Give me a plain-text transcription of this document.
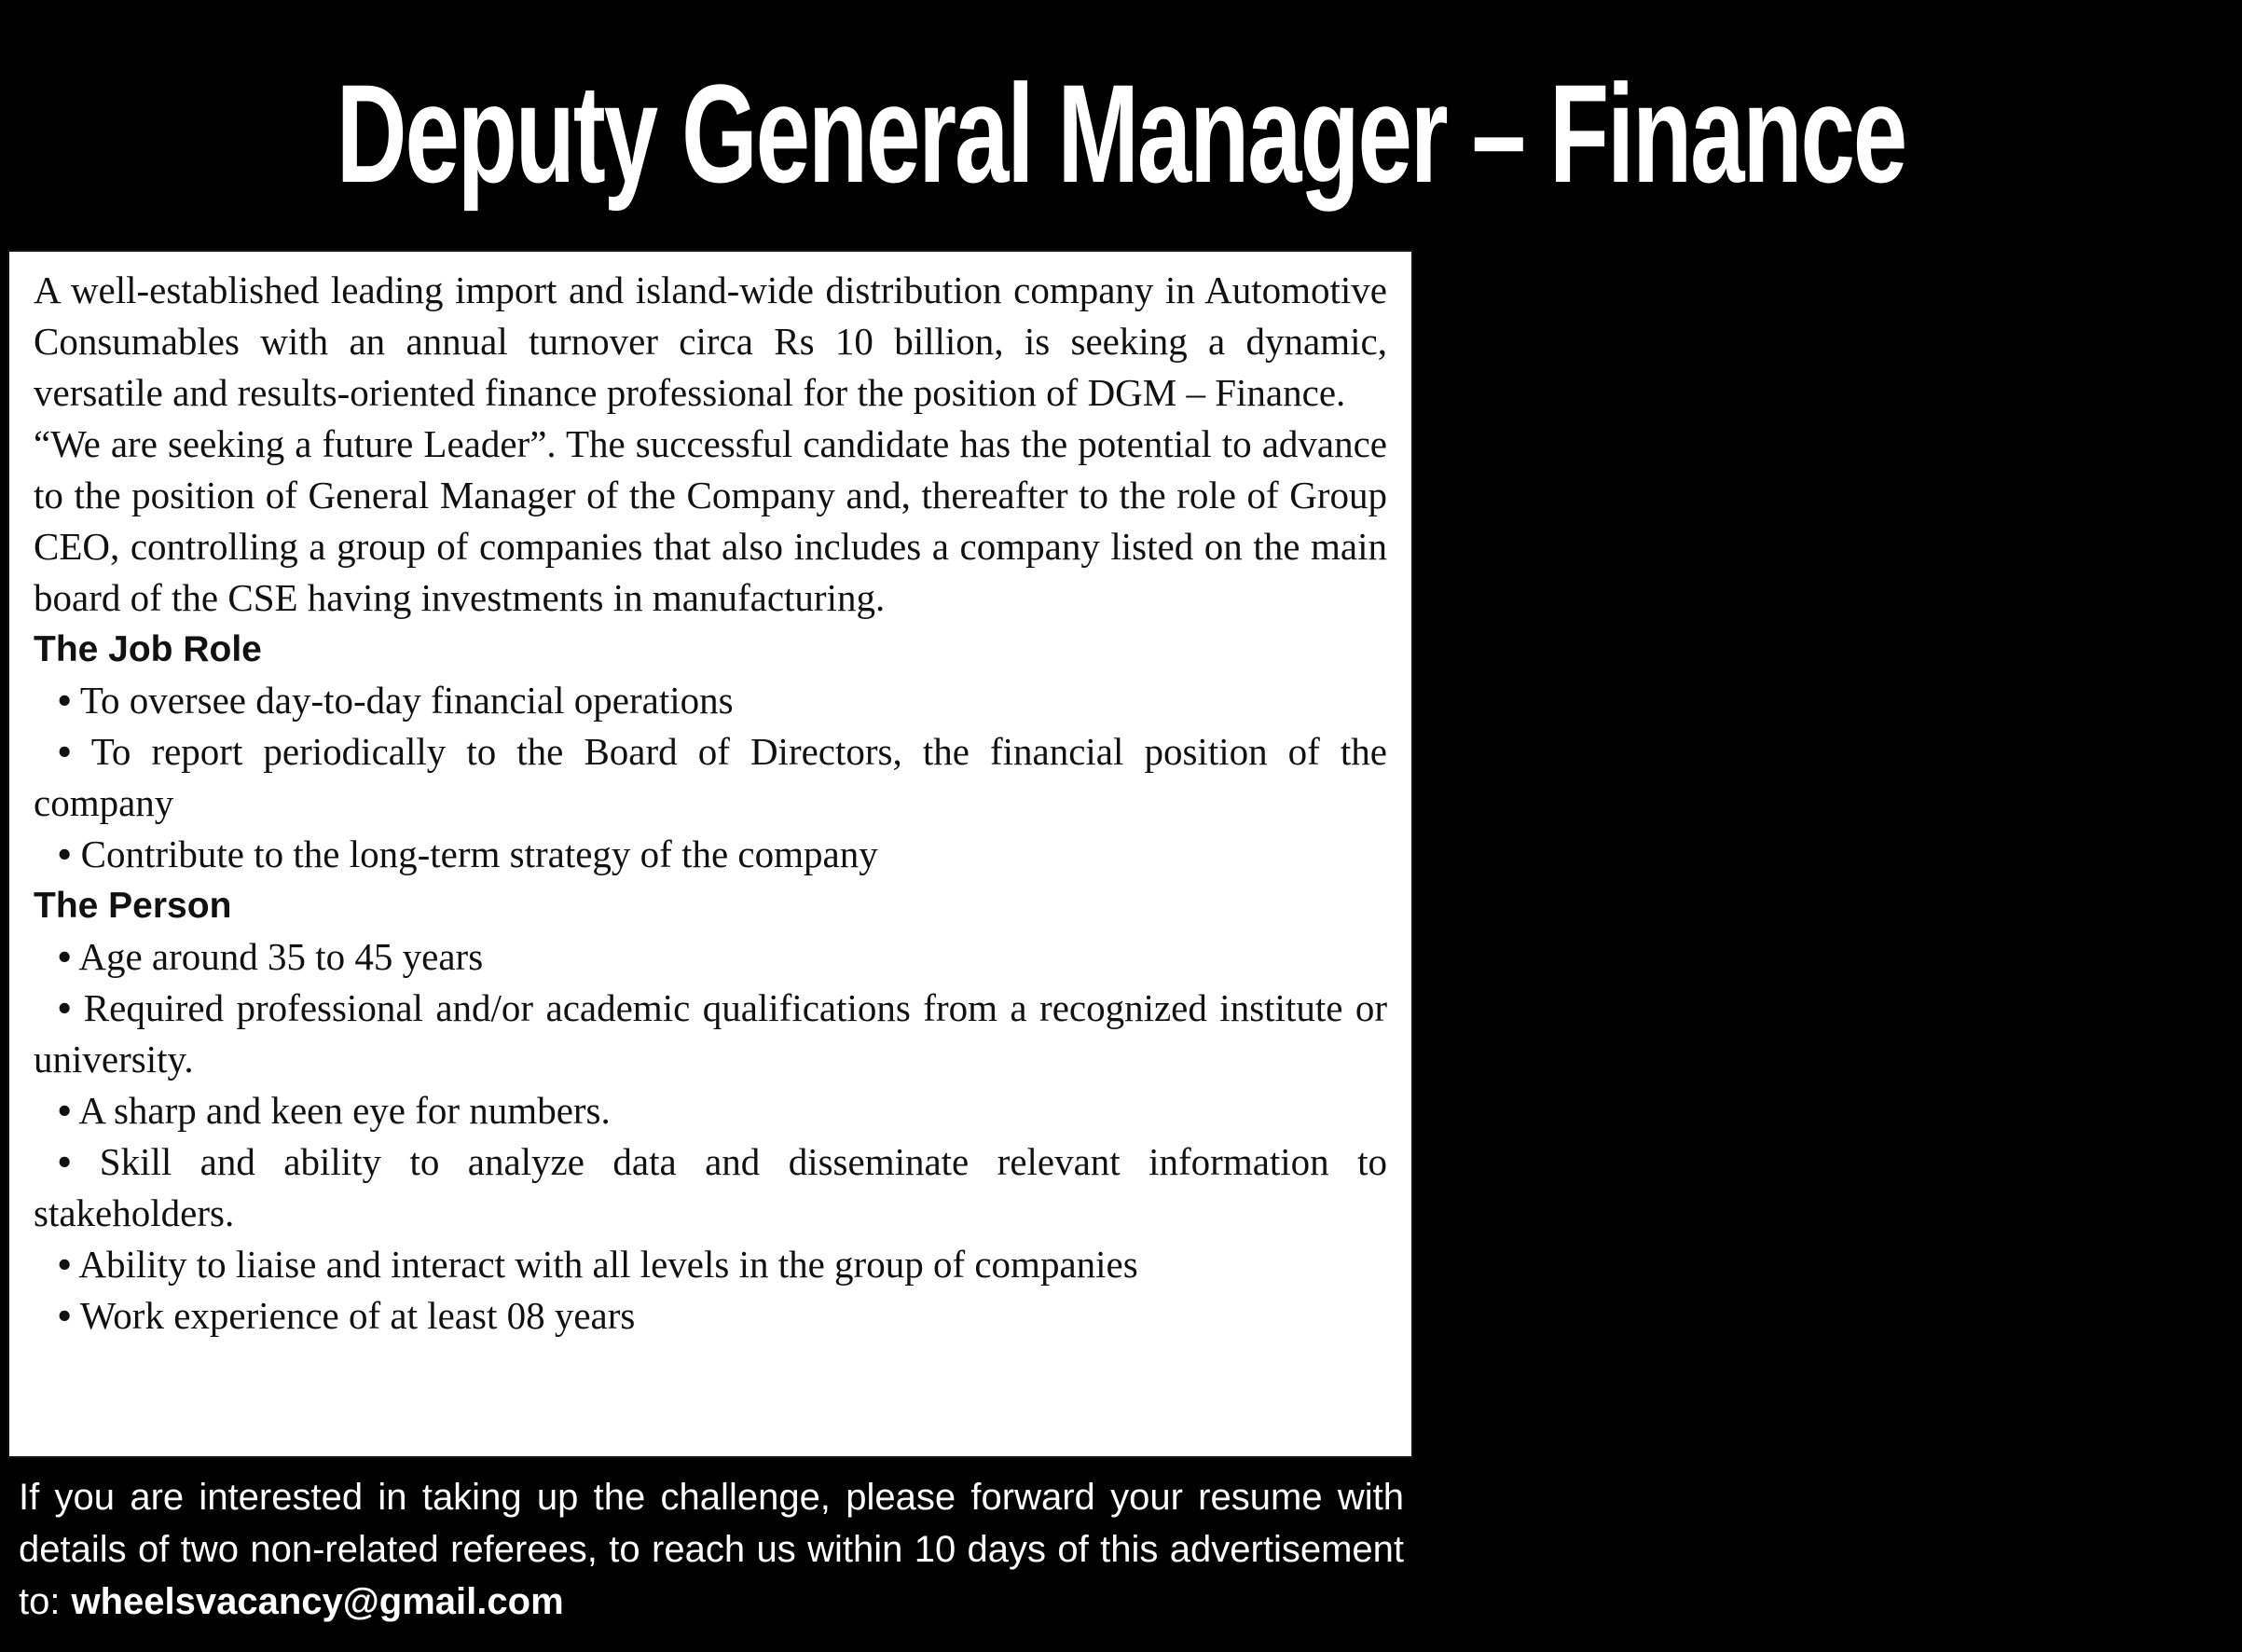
Deputy General Manager – Finance

A well-established leading import and island-wide distribution company in Automotive Consumables with an annual turnover circa Rs 10 billion, is seeking a dynamic, versatile and results-oriented finance professional for the position of DGM – Finance.

“We are seeking a future Leader”. The successful candidate has the potential to advance to the position of General Manager of the Company and, thereafter to the role of Group CEO, controlling a group of companies that also includes a company listed on the main board of the CSE having investments in manufacturing.

The Job Role
• To oversee day-to-day financial operations
• To report periodically to the Board of Directors, the financial position of the company
• Contribute to the long-term strategy of the company
The Person
• Age around 35 to 45 years
• Required professional and/or academic qualifications from a recognized institute or university.
• A sharp and keen eye for numbers.
• Skill and ability to analyze data and disseminate relevant information to stakeholders.
• Ability to liaise and interact with all levels in the group of companies
• Work experience of at least 08 years
If you are interested in taking up the challenge, please forward your resume with details of two non-related referees, to reach us within 10 days of this advertisement to: wheelsvacancy@gmail.com
